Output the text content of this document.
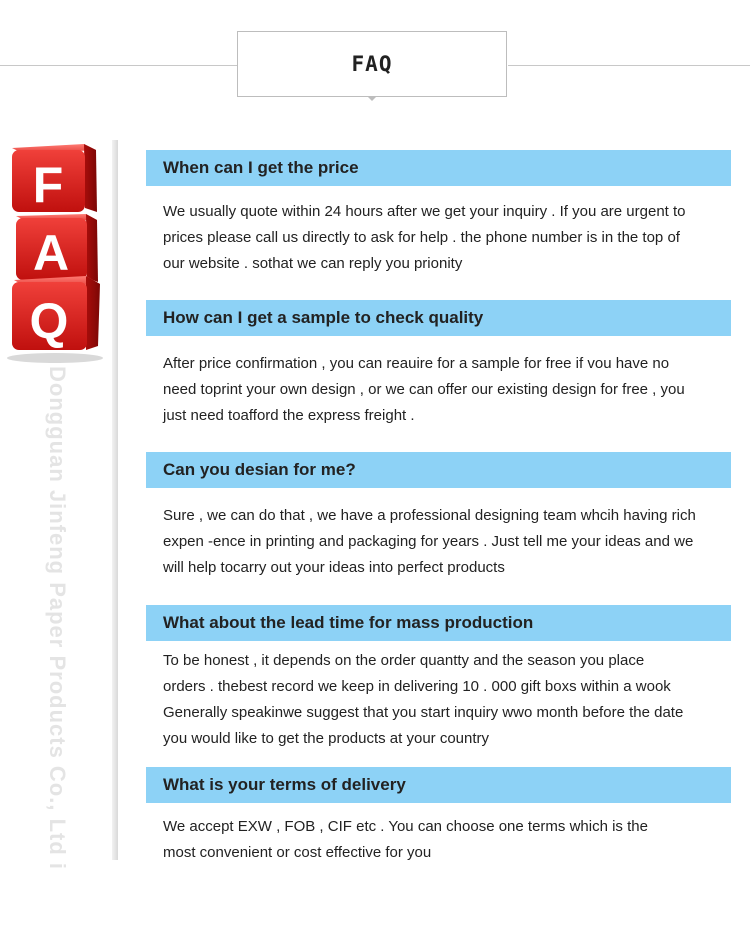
FAQ
F
A
Q
Dongguan Jinfeng Paper Products Co., Ltd i
When can I get the price
We usually quote within 24 hours after we get your inquiry . If you are urgent to
prices please call us directly to ask for help . the phone number is in the top of
our website . sothat we can reply you prionity
How can I get a sample to check quality
After price confirmation , you can reauire for a sample for free if vou have no
need toprint your own design , or we can offer our existing design for free , you
just need toafford the express freight .
Can you desian for me?
Sure , we can do that , we have a professional designing team whcih having rich
expen -ence in printing and packaging for years . Just tell me your ideas and we
will help tocarry out your ideas into perfect products
What about the lead time for mass production
To be honest , it depends on the order quantty and the season you place
orders . thebest record we keep in delivering 10 . 000 gift boxs within a wook
Generally speakinwe suggest that you start inquiry wwo month before the date
you would like to get the products at your country
What is your terms of delivery
We accept EXW , FOB , CIF etc . You can choose one terms which is the
most convenient or cost effective for you
